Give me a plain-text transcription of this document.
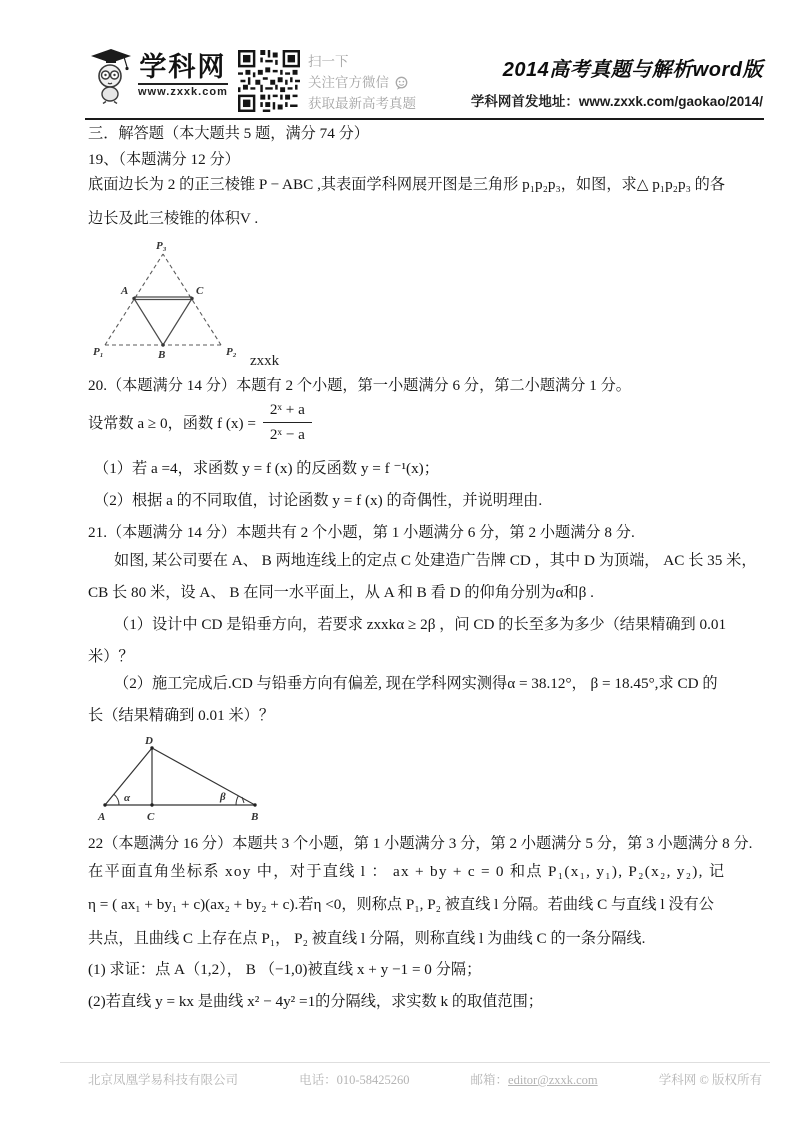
学科网
www.zxxk.com
扫一下
关注官方微信
获取最新高考真题
2014高考真题与解析word版
学科网首发地址：www.zxxk.com/gaokao/2014/
三．解答题（本大题共 5 题，满分 74 分）
19、（本题满分 12 分）
底面边长为 2 的正三棱锥 P − ABC ,其表面学科网展开图是三角形 p₁p₂p₃，如图，求△ p₁p₂p₃ 的各
边长及此三棱锥的体积V .
P₃
A	C
P₁	B	P₂
zxxk
20.（本题满分 14 分）本题有 2 个小题，第一小题满分 6 分，第二小题满分 1 分。
设常数 a ≥ 0，函数 f $(x) = \frac{\text{2ˣ + a}}{\text{2ˣ − a}}$
（1）若 a =4，求函数 y = f (x) 的反函数 y = f ⁻¹(x)；
（2）根据 a 的不同取值，讨论函数 y = f (x) 的奇偶性，并说明理由.
21.（本题满分 14 分）本题共有 2 个小题，第 1 小题满分 6 分，第 2 小题满分 8 分.
如图, 某公司要在 A、 B 两地连线上的定点 C 处建造广告牌 CD ，其中 D 为顶端， AC 长 35 米，
CB 长 80 米，设 A、 B 在同一水平面上，从 A 和 B 看 D 的仰角分别为α和β .
（1）设计中 CD 是铅垂方向，若要求 zxxkα ≥ 2β ，问 CD 的长至多为多少（结果精确到 0.01
米）？
（2）施工完成后.CD 与铅垂方向有偏差, 现在学科网实测得α = 38.12°， β = 18.45°,求 CD 的
长（结果精确到 0.01 米）？
D
A	C	B
α	β
22（本题满分 16 分）本题共 3 个小题，第 1 小题满分 3 分，第 2 小题满分 5 分，第 3 小题满分 8 分.
在平面直角坐标系 xoy 中，对于直线 l ： ax + by + c = 0 和点 P₁(x₁, y₁), P₂(x₂, y₂), 记
η = ( ax₁ + by₁ + c)(ax₂ + by₂ + c).若η <0，则称点 P₁, P₂ 被直线 l 分隔。若曲线 C 与直线 l 没有公
共点，且曲线 C 上存在点 P₁， P₂ 被直线 l 分隔，则称直线 l 为曲线 C 的一条分隔线.
(1) 求证：点 A（1,2）， B （−1,0)被直线 x + y −1 = 0 分隔；
(2)若直线 y = kx 是曲线 x² − 4y² =1的分隔线，求实数 k 的取值范围；
北京凤凰学易科技有限公司	电话：010-58425260	邮箱：editor@zxxk.com	学科网 © 版权所有
